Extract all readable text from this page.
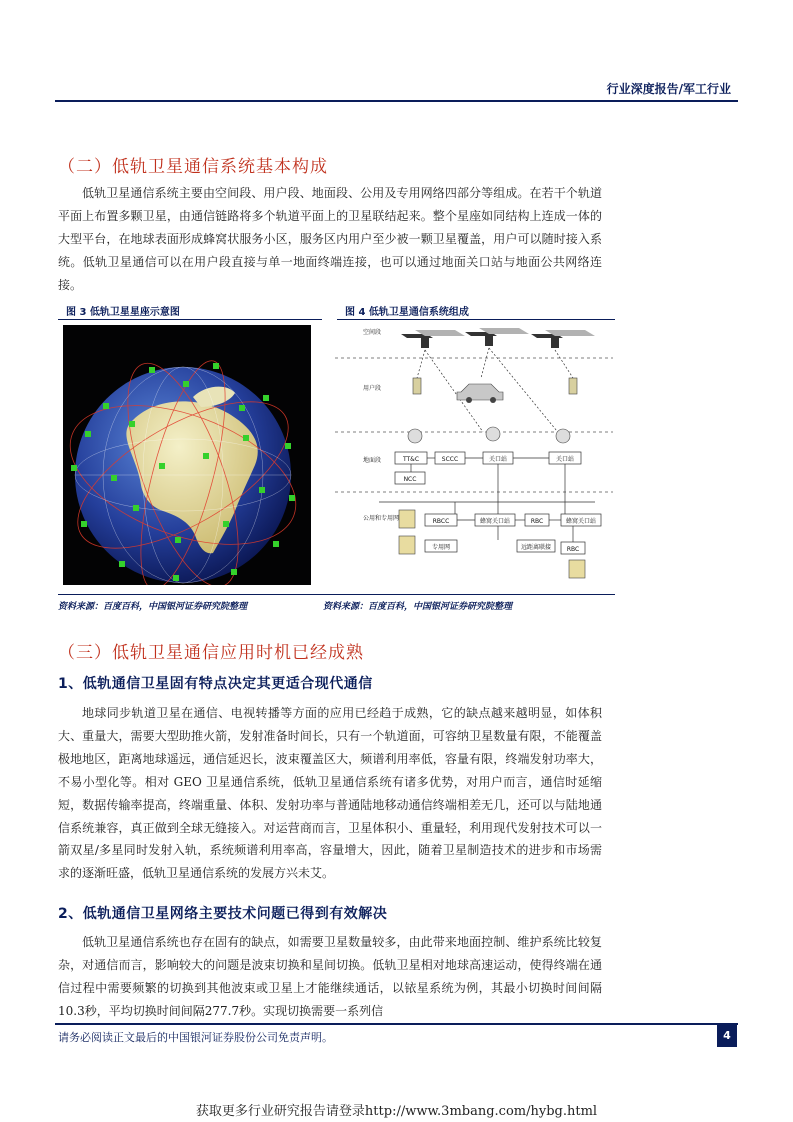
行业深度报告/军工行业
（二）低轨卫星通信系统基本构成
低轨卫星通信系统主要由空间段、用户段、地面段、公用及专用网络四部分等组成。在若干个轨道平面上布置多颗卫星，由通信链路将多个轨道平面上的卫星联结起来。整个星座如同结构上连成一体的大型平台，在地球表面形成蜂窝状服务小区，服务区内用户至少被一颗卫星覆盖，用户可以随时接入系统。低轨卫星通信可以在用户段直接与单一地面终端连接，也可以通过地面关口站与地面公共网络连接。
图 3 低轨卫星星座示意图	图 4 低轨卫星通信系统组成
空间段
用户段
地面段
公用和专用网
TT&C	SCCC	关口站	关口站
NCC
RBCC	蜂窝关口站	RBC	蜂窝关口站
专用网	远距离联接	RBC
资料来源：百度百科，中国银河证券研究院整理	资料来源：百度百科，中国银河证券研究院整理
（三）低轨卫星通信应用时机已经成熟
1、低轨通信卫星固有特点决定其更适合现代通信
地球同步轨道卫星在通信、电视转播等方面的应用已经趋于成熟，它的缺点越来越明显，如体积大、重量大，需要大型助推火箭，发射准备时间长，只有一个轨道面，可容纳卫星数量有限，不能覆盖极地地区，距离地球遥远，通信延迟长，波束覆盖区大，频谱利用率低，容量有限，终端发射功率大，不易小型化等。相对 GEO 卫星通信系统，低轨卫星通信系统有诸多优势，对用户而言，通信时延缩短，数据传输率提高，终端重量、体积、发射功率与普通陆地移动通信终端相差无几，还可以与陆地通信系统兼容，真正做到全球无缝接入。对运营商而言，卫星体积小、重量轻，利用现代发射技术可以一箭双星/多星同时发射入轨，系统频谱利用率高，容量增大，因此，随着卫星制造技术的进步和市场需求的逐渐旺盛，低轨卫星通信系统的发展方兴未艾。
2、低轨通信卫星网络主要技术问题已得到有效解决
低轨卫星通信系统也存在固有的缺点，如需要卫星数量较多，由此带来地面控制、维护系统比较复杂，对通信而言，影响较大的问题是波束切换和星间切换。低轨卫星相对地球高速运动，使得终端在通信过程中需要频繁的切换到其他波束或卫星上才能继续通话，以铱星系统为例，其最小切换时间间隔10.3秒，平均切换时间间隔277.7秒。实现切换需要一系列信
请务必阅读正文最后的中国银河证券股份公司免责声明。	4
获取更多行业研究报告请登录http://www.3mbang.com/hybg.html
